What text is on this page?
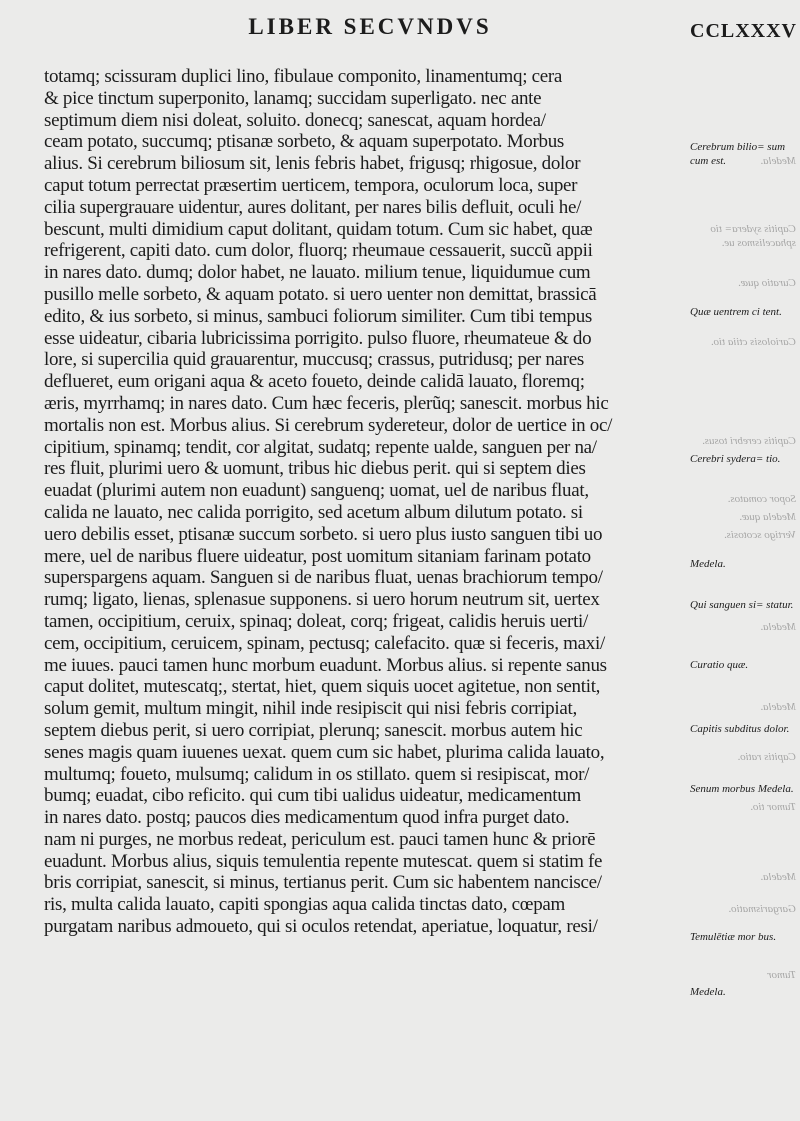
LIBER SECVNDVS	CCLXXXV
Medela.
Capitis sydera= tio sphacelismos ue.
Curatio quæ.
Cariolosis ctiia tio.
Capitis cerebri tosus.
Sopor comatos.
Medela quæ.
Vertigo scotosis.
Medela.
Medela.
Capitis ratio.
Tumor tio.
Medela.
Gargarismatio.
Tumor
Cerebrum bilio= sum cum est.
Quæ uentrem ci tent.
Cerebri sydera= tio.
Medela.
Qui sanguen si= statur.
Curatio quæ.
Capitis subditus dolor.
Senum morbus Medela.
Temulētiæ mor bus.
Medela.
totamq; scissuram duplici lino, fibulaue componito, linamentumq; cera
& pice tinctum superponito, lanamq; succidam superligato. nec ante
septimum diem nisi doleat, soluito. donecq; sanescat, aquam hordea/
ceam potato, succumq; ptisanæ sorbeto, & aquam superpotato. Morbus
alius. Si cerebrum biliosum sit, lenis febris habet, frigusq; rhigosue, dolor
caput totum perrectat præsertim uerticem, tempora, oculorum loca, super
cilia supergrauare uidentur, aures dolitant, per nares bilis defluit, oculi he/
bescunt, multi dimidium caput dolitant, quidam totum. Cum sic habet, quæ
refrigerent, capiti dato. cum dolor, fluorq; rheumaue cessauerit, succũ appii
in nares dato. dumq; dolor habet, ne lauato. milium tenue, liquidumue cum
pusillo melle sorbeto, & aquam potato. si uero uenter non demittat, brassicā
edito, & ius sorbeto, si minus, sambuci foliorum similiter. Cum tibi tempus
esse uideatur, cibaria lubricissima porrigito. pulso fluore, rheumateue & do
lore, si supercilia quid grauarentur, muccusq; crassus, putridusq; per nares
deflueret, eum origani aqua & aceto foueto, deinde calidā lauato, floremq;
æris, myrrhamq; in nares dato. Cum hæc feceris, plerũq; sanescit. morbus hic
mortalis non est. Morbus alius. Si cerebrum sydereteur, dolor de uertice in oc/
cipitium, spinamq; tendit, cor algitat, sudatq; repente ualde, sanguen per na/
res fluit, plurimi uero & uomunt, tribus hic diebus perit. qui si septem dies
euadat (plurimi autem non euadunt) sanguenq; uomat, uel de naribus fluat,
calida ne lauato, nec calida porrigito, sed acetum album dilutum potato. si
uero debilis esset, ptisanæ succum sorbeto. si uero plus iusto sanguen tibi uo
mere, uel de naribus fluere uideatur, post uomitum sitaniam farinam potato
superspargens aquam. Sanguen si de naribus fluat, uenas brachiorum tempo/
rumq; ligato, lienas, splenasue supponens. si uero horum neutrum sit, uertex
tamen, occipitium, ceruix, spinaq; doleat, corq; frigeat, calidis heruis uerti/
cem, occipitium, ceruicem, spinam, pectusq; calefacito. quæ si feceris, maxi/
me iuues. pauci tamen hunc morbum euadunt. Morbus alius. si repente sanus
caput dolitet, mutescatq;, stertat, hiet, quem siquis uocet agitetue, non sentit,
solum gemit, multum mingit, nihil inde resipiscit qui nisi febris corripiat,
septem diebus perit, si uero corripiat, plerunq; sanescit. morbus autem hic
senes magis quam iuuenes uexat. quem cum sic habet, plurima calida lauato,
multumq; foueto, mulsumq; calidum in os stillato. quem si resipiscat, mor/
bumq; euadat, cibo reficito. qui cum tibi ualidus uideatur, medicamentum
in nares dato. postq; paucos dies medicamentum quod infra purget dato.
nam ni purges, ne morbus redeat, periculum est. pauci tamen hunc & priorē
euadunt. Morbus alius, siquis temulentia repente mutescat. quem si statim fe
bris corripiat, sanescit, si minus, tertianus perit. Cum sic habentem nancisce/
ris, multa calida lauato, capiti spongias aqua calida tinctas dato, cœpam
purgatam naribus admoueto, qui si oculos retendat, aperiatue, loquatur, resi/
